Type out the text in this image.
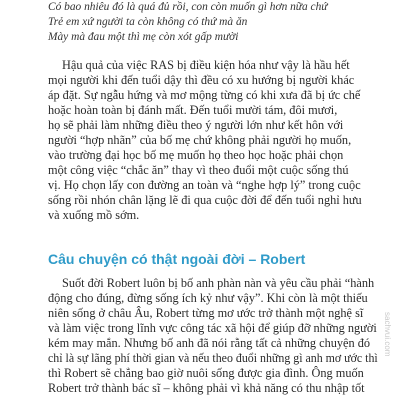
Có bao nhiêu đó là quá đủ rồi, con còn muốn gì hơn nữa chứ
Trẻ em xứ người ta còn không có thứ mà ăn
Mày mà đau một thì mẹ còn xót gấp mười
Hậu quả của việc RAS bị điều kiện hóa như vậy là hầu hết
mọi người khi đến tuổi dậy thì đều có xu hướng bị người khác
áp đặt. Sự ngẫu hứng và mơ mộng từng có khi xưa đã bị ức chế
hoặc hoàn toàn bị đánh mất. Đến tuổi mười tám, đôi mươi,
họ sẽ phải làm những điều theo ý người lớn như kết hôn với
người “hợp nhãn” của bố mẹ chứ không phải người họ muốn,
vào trường đại học bố mẹ muốn họ theo học hoặc phải chọn
một công việc “chắc ăn” thay vì theo đuổi một cuộc sống thú
vị. Họ chọn lấy con đường an toàn và “nghe hợp lý” trong cuộc
sống rồi nhón chân lặng lẽ đi qua cuộc đời để đến tuổi nghỉ hưu
và xuống mồ sớm.
Câu chuyện có thật ngoài đời – Robert
Suốt đời Robert luôn bị bố anh phàn nàn và yêu cầu phải “hành
động cho đúng, đừng sống ích kỷ như vậy”. Khi còn là một thiếu
niên sống ở châu Âu, Robert từng mơ ước trở thành một nghệ sĩ
và làm việc trong lĩnh vực công tác xã hội để giúp đỡ những người
kém may mắn. Nhưng bố anh đã nói rằng tất cả những chuyện đó
chỉ là sự lãng phí thời gian và nếu theo đuổi những gì anh mơ ước thì
thì Robert sẽ chẳng bao giờ nuôi sống được gia đình. Ông muốn
Robert trở thành bác sĩ – không phải vì khả năng có thu nhập tốt
sachvui.com
